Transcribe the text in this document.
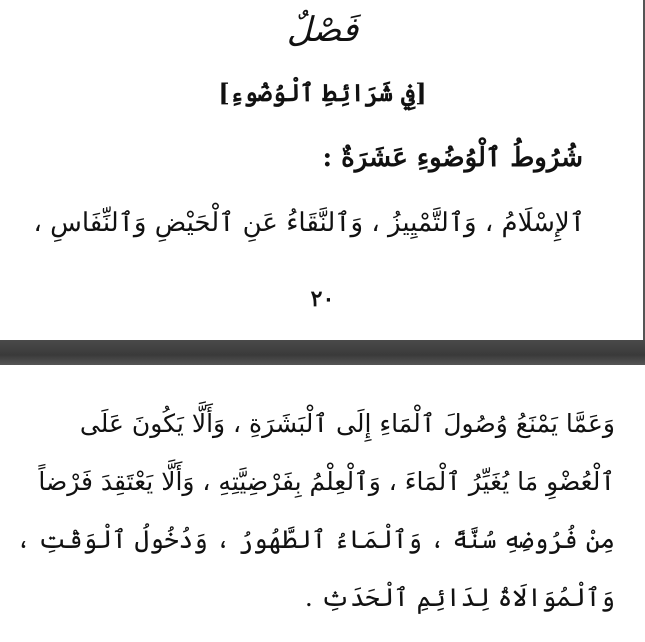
فَصْلٌ
[فِي شَرَائِطِ ٱلْوُضُوءِ]
شُرُوطُ ٱلْوُضُوءِ عَشَرَةٌ :
ٱلإِسْلَامُ ، وَٱلتَّمْيِيزُ ، وَٱلنَّقَاءُ عَنِ ٱلْحَيْضِ وَٱلنِّفَاسِ ،
٢٠
وَعَمَّا يَمْنَعُ وُصُولَ ٱلْمَاءِ إِلَى ٱلْبَشَرَةِ ، وَأَلَّا يَكُونَ عَلَى
ٱلْعُضْوِ مَا يُغَيِّرُ ٱلْمَاءَ ، وَٱلْعِلْمُ بِفَرْضِيَّتِهِ ، وَأَلَّا يَعْتَقِدَ فَرْضاً
مِنْ فُرُوضِهِ سُنَّةً ، وَٱلْمَاءُ ٱلطَّهُورُ ، وَدُخُولُ ٱلْوَقْتِ ،
وَٱلْمُوَالَاةُ لِدَائِمِ ٱلْحَدَثِ .
